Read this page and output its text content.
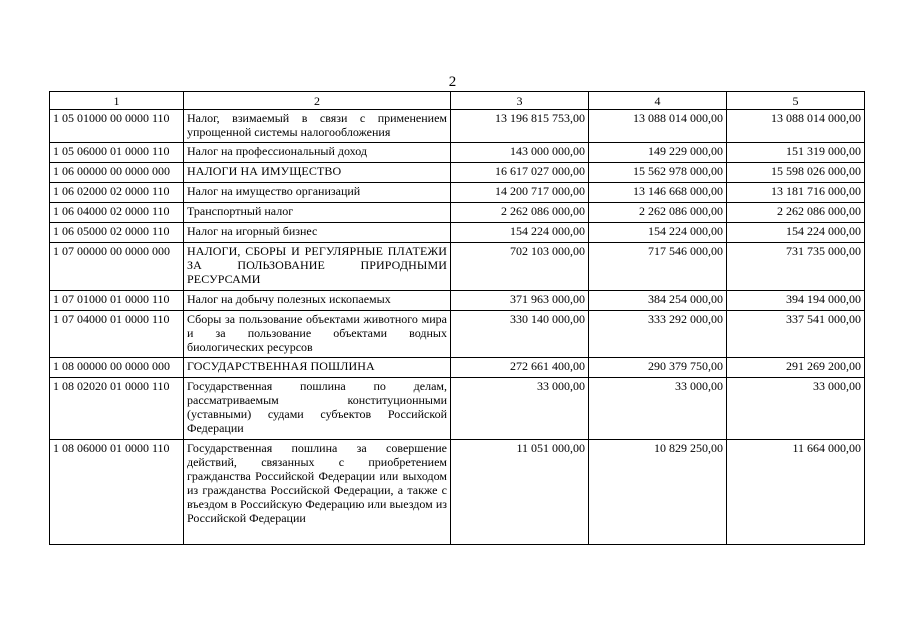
2
1	2	3	4	5
1 05 01000 00 0000 110	Налог, взимаемый в связи с применением упрощенной системы налогообложения	13 196 815 753,00	13 088 014 000,00	13 088 014 000,00
1 05 06000 01 0000 110	Налог на профессиональный доход	143 000 000,00	149 229 000,00	151 319 000,00
1 06 00000 00 0000 000	НАЛОГИ НА ИМУЩЕСТВО	16 617 027 000,00	15 562 978 000,00	15 598 026 000,00
1 06 02000 02 0000 110	Налог на имущество организаций	14 200 717 000,00	13 146 668 000,00	13 181 716 000,00
1 06 04000 02 0000 110	Транспортный налог	2 262 086 000,00	2 262 086 000,00	2 262 086 000,00
1 06 05000 02 0000 110	Налог на игорный бизнес	154 224 000,00	154 224 000,00	154 224 000,00
1 07 00000 00 0000 000	НАЛОГИ, СБОРЫ И РЕГУЛЯРНЫЕ ПЛАТЕЖИ ЗА ПОЛЬЗОВАНИЕ ПРИРОДНЫМИ РЕСУРСАМИ	702 103 000,00	717 546 000,00	731 735 000,00
1 07 01000 01 0000 110	Налог на добычу полезных ископаемых	371 963 000,00	384 254 000,00	394 194 000,00
1 07 04000 01 0000 110	Сборы за пользование объектами животного мира и за пользование объектами водных биологических ресурсов	330 140 000,00	333 292 000,00	337 541 000,00
1 08 00000 00 0000 000	ГОСУДАРСТВЕННАЯ ПОШЛИНА	272 661 400,00	290 379 750,00	291 269 200,00
1 08 02020 01 0000 110	Государственная пошлина по делам, рассматриваемым конституционными (уставными) судами субъектов Российской Федерации	33 000,00	33 000,00	33 000,00
1 08 06000 01 0000 110	Государственная пошлина за совершение действий, связанных с приобретением гражданства Российской Федерации или выходом из гражданства Российской Федерации, а также с въездом в Российскую Федерацию или выездом из Российской Федерации	11 051 000,00	10 829 250,00	11 664 000,00
